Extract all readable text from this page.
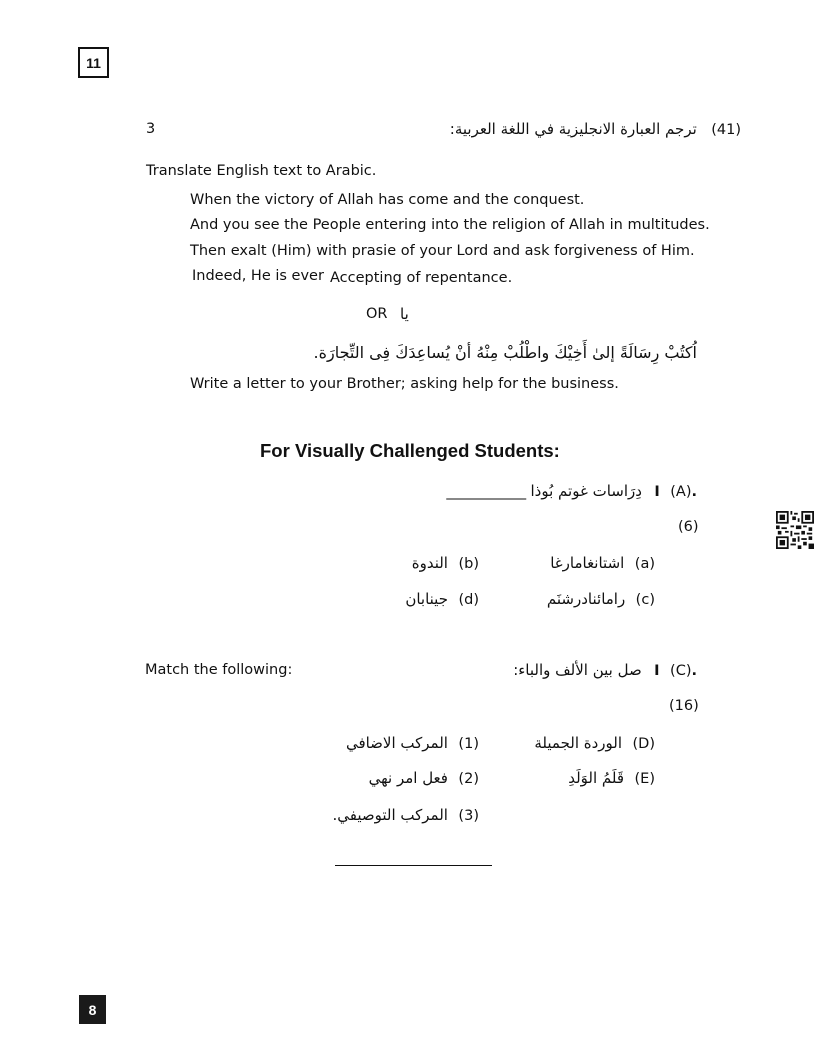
11
3	(41) ترجم العبارة الانجليزية في اللغة العربية:
Translate English text to Arabic.
When the victory of Allah has come and the conquest.
And you see the People entering into the religion of Allah in multitudes.
Then exalt (Him) with prasie of your Lord and ask forgiveness of Him.
Indeed, He is ever Accepting of repentance.
OR يا
اُكتُبْ رِسَالَةً إلىٰ أَخِيْكَ واطْلُبْ مِنْهُ أنْ يُساعِدَكَ فِى التِّجارَة.
Write a letter to your Brother; asking help for the business.
For Visually Challenged Students:
.I (A) دِرَاسات غوتم بُوذا ___________
(6)
(a) اشتانغامارغا
(b) الندوة
(c) رامائنادرشنَم
(d) جينابان
Match the following:	.I (C) صل بين الألف والباء:
(16)
(D) الوردة الجميلة
(E) قَلَمُ الوَلَدِ
(1) المركب الاضافي
(2) فعل امر نهي
(3) المركب التوصيفي.
8
